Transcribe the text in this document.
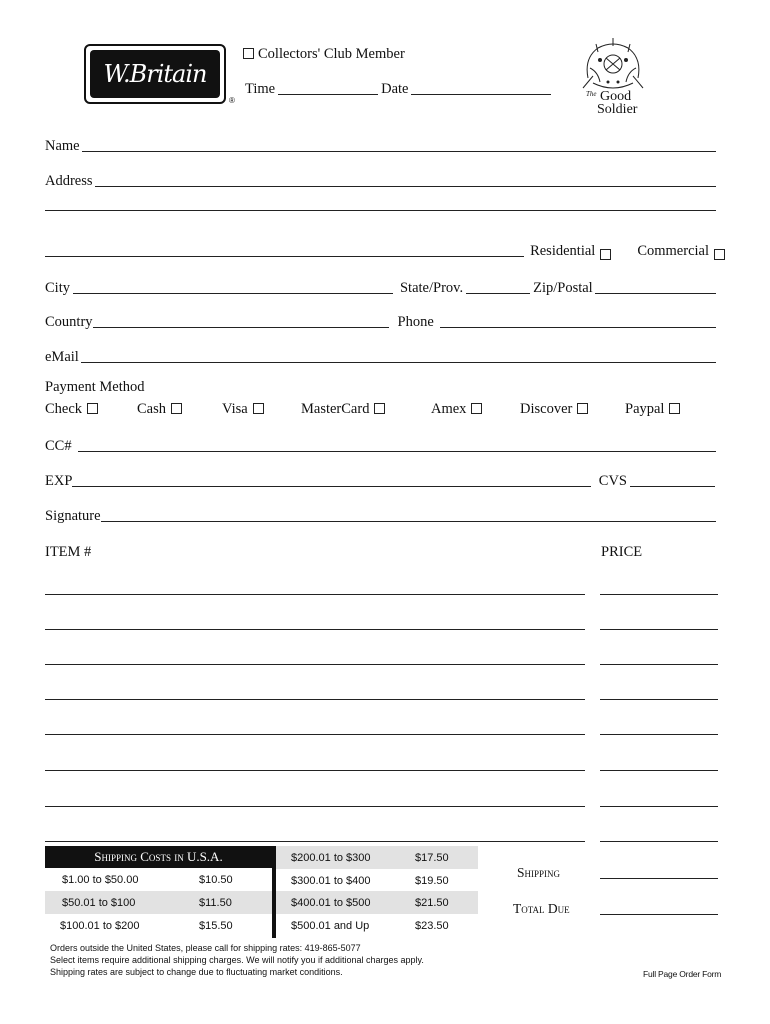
W.Britain
®
Collectors' Club Member
Time	Date	The Good
Soldier
Name
Address
Residential	Commercial
City	State/Prov.	Zip/Postal
Country	Phone
eMail
Payment Method
Check	Cash	Visa	MasterCard	Amex	Discover	Paypal
CC#
EXP	CVS
Signature
ITEM #	PRICE
Shipping Costs in U.S.A.
$1.00 to $50.00	$10.50
$50.01 to $100	$11.50
$100.01 to $200	$15.50
$200.01 to $300	$17.50
$300.01 to $400	$19.50
$400.01 to $500	$21.50
$500.01 and Up	$23.50
Orders outside the United States, please call for shipping rates: 419-865-5077
Select items require additional shipping charges. We will notify you if additional charges apply.
Shipping rates are subject to change due to fluctuating market conditions.
Shipping
Total Due
Full Page Order Form
